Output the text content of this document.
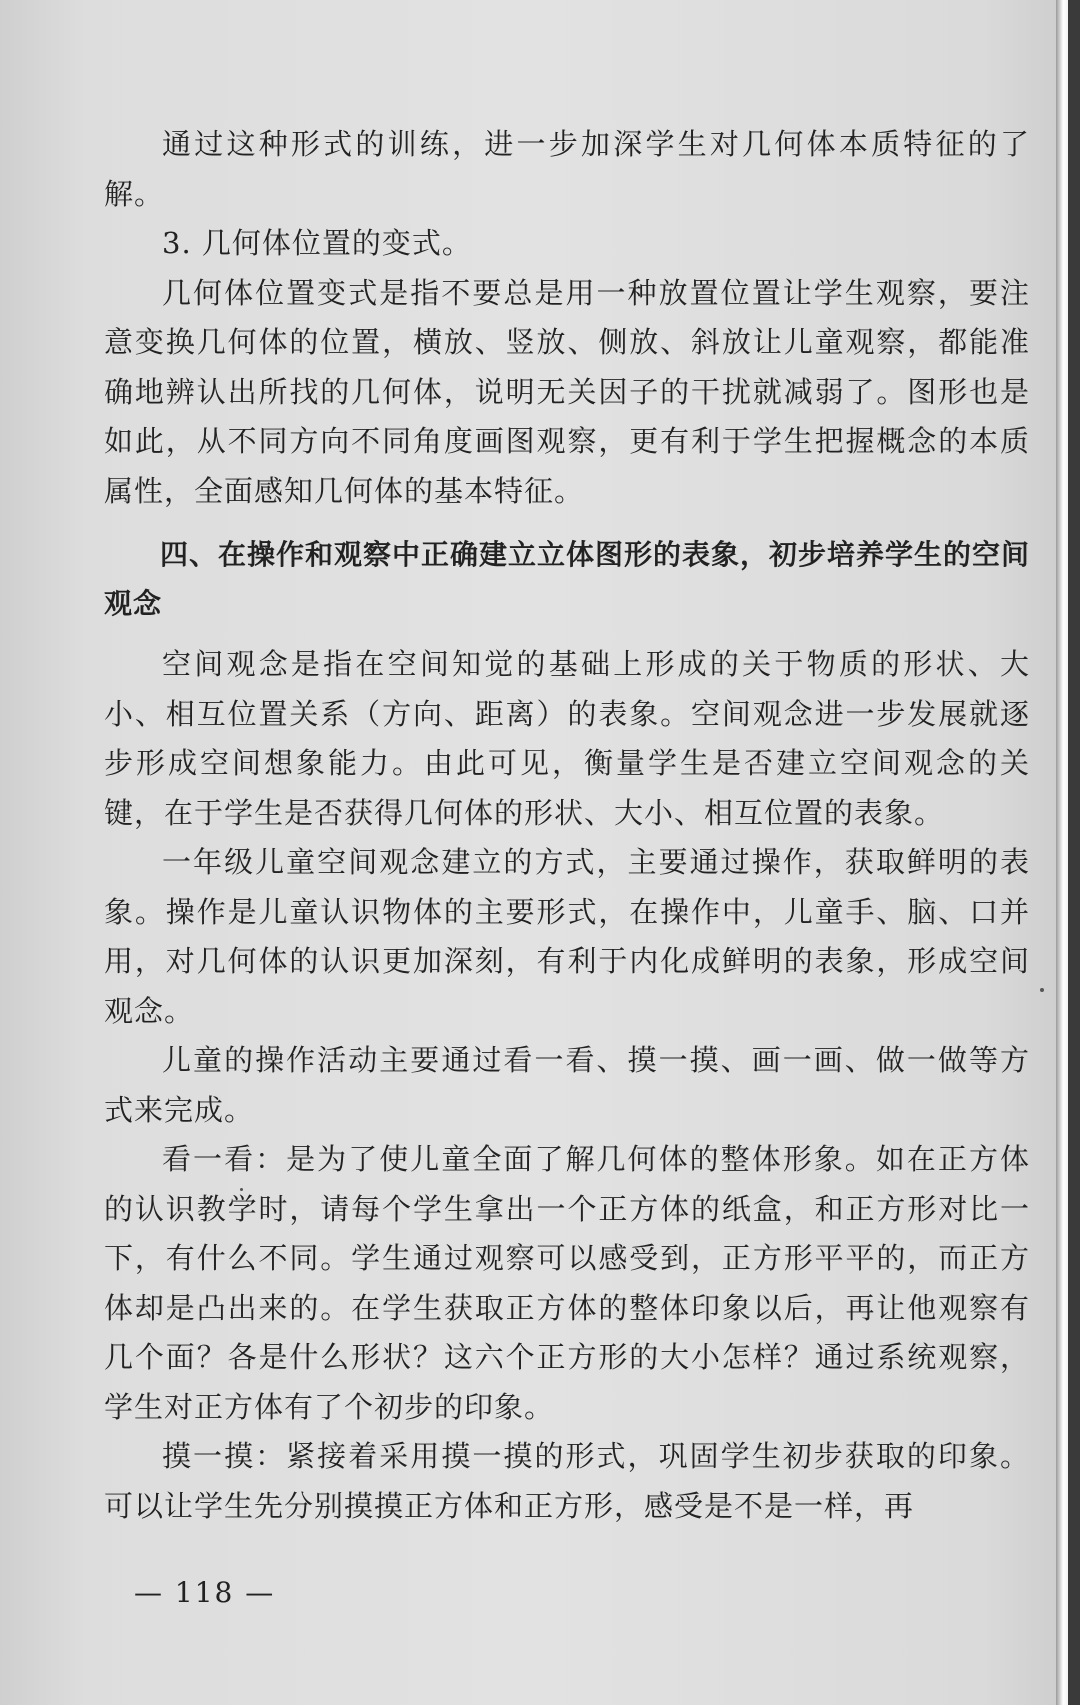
通过这种形式的训练，进一步加深学生对几何体本质特征的了解。

3. 几何体位置的变式。

几何体位置变式是指不要总是用一种放置位置让学生观察，要注意变换几何体的位置，横放、竖放、侧放、斜放让儿童观察，都能准确地辨认出所找的几何体，说明无关因子的干扰就减弱了。图形也是如此，从不同方向不同角度画图观察，更有利于学生把握概念的本质属性，全面感知几何体的基本特征。

四、在操作和观察中正确建立立体图形的表象，初步培养学生的空间观念

空间观念是指在空间知觉的基础上形成的关于物质的形状、大小、相互位置关系（方向、距离）的表象。空间观念进一步发展就逐步形成空间想象能力。由此可见，衡量学生是否建立空间观念的关键，在于学生是否获得几何体的形状、大小、相互位置的表象。

一年级儿童空间观念建立的方式，主要通过操作，获取鲜明的表象。操作是儿童认识物体的主要形式，在操作中，儿童手、脑、口并用，对几何体的认识更加深刻，有利于内化成鲜明的表象，形成空间观念。

儿童的操作活动主要通过看一看、摸一摸、画一画、做一做等方式来完成。

看一看：是为了使儿童全面了解几何体的整体形象。如在正方体的认识教学时，请每个学生拿出一个正方体的纸盒，和正方形对比一下，有什么不同。学生通过观察可以感受到，正方形平平的，而正方体却是凸出来的。在学生获取正方体的整体印象以后，再让他观察有几个面？各是什么形状？这六个正方形的大小怎样？通过系统观察，学生对正方体有了个初步的印象。

摸一摸：紧接着采用摸一摸的形式，巩固学生初步获取的印象。可以让学生先分别摸摸正方体和正方形，感受是不是一样，再

— 118 —
